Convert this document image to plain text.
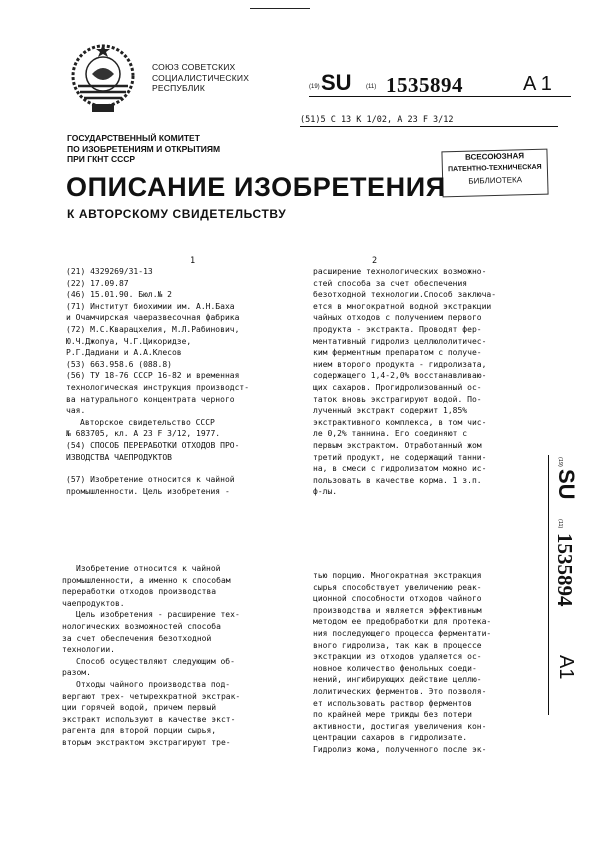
СОЮЗ СОВЕТСКИХ
СОЦИАЛИСТИЧЕСКИХ
РЕСПУБЛИК	(19) SU (11) 1535894	A 1
(51)5 С 13 К 1/02, А 23 F 3/12
ГОСУДАРСТВЕННЫЙ КОМИТЕТ
ПО ИЗОБРЕТЕНИЯМ И ОТКРЫТИЯМ
ПРИ ГКНТ СССР	ВСЕСОЮЗНАЯ
ПАТЕНТНО-ТЕХНИЧЕСКАЯ
БИБЛИОТЕКА
ОПИСАНИЕ ИЗОБРЕТЕНИЯ
К АВТОРСКОМУ СВИДЕТЕЛЬСТВУ
1
(21) 4329269/31-13
(22) 17.09.87
(46) 15.01.90. Бюл.№ 2
(71) Институт биохимии им. А.Н.Баха
и Очамчирская чаеразвесочная фабрика
(72) М.С.Кварацхелия, М.Л.Рабинович,
Ю.Ч.Джопуа, Ч.Г.Цикоридзе,
Р.Г.Дадиани и А.А.Клесов
(53) 663.958.6 (088.8)
(56) ТУ 18-76 СССР 16-82 и временная
технологическая инструкция производст-
ва натурального концентрата черного
чая.
Авторское свидетельство СССР
№ 683705, кл. А 23 F 3/12, 1977.
(54) СПОСОБ ПЕРЕРАБОТКИ ОТХОДОВ ПРО-
ИЗВОДСТВА ЧАЕПРОДУКТОВ
(57) Изобретение относится к чайной
промышленности. Цель изобретения -
2
расширение технологических возможно-
стей способа за счет обеспечения
безотходной технологии.Способ заключа-
ется в многократной водной экстракции
чайных отходов с получением первого
продукта - экстракта. Проводят фер-
ментативный гидролиз целлюлолитичес-
ким ферментным препаратом с получе-
нием второго продукта - гидролизата,
содержащего 1,4-2,0% восстанавливаю-
щих сахаров. Прогидролизованный ос-
таток вновь экстрагируют водой. По-
лученный экстракт содержит 1,85%
экстрактивного комплекса, в том чис-
ле 0,2% таннина. Его соединяют с
первым экстрактом. Отработанный жом
третий продукт, не содержащий танни-
на, в смеси с гидролизатом можно ис-
пользовать в качестве корма. 1 з.п.
ф-лы.
(19)
SU
(11)
1535894
A1
Изобретение относится к чайной
промышленности, а именно к способам
переработки отходов производства
чаепродуктов.
Цель изобретения - расширение тех-
нологических возможностей способа
за счет обеспечения безотходной
технологии.
Способ осуществляют следующим об-
разом.
Отходы чайного производства под-
вергают трех- четырехкратной экстрак-
ции горячей водой, причем первый
экстракт используют в качестве экст-
рагента для второй порции сырья,
вторым экстрактом экстрагируют тре-
тью порцию. Многократная экстракция
сырья способствует увеличению реак-
ционной способности отходов чайного
производства и является эффективным
методом ее предобработки для протека-
ния последующего процесса ферментати-
вного гидролиза, так как в процессе
экстракции из отходов удаляется ос-
новное количество фенольных соеди-
нений, ингибирующих действие целлю-
лолитических ферментов. Это позволя-
ет использовать раствор ферментов
по крайней мере трижды без потери
активности, достигая увеличения кон-
центрации сахаров в гидролизате.
Гидролиз жома, полученного после эк-
